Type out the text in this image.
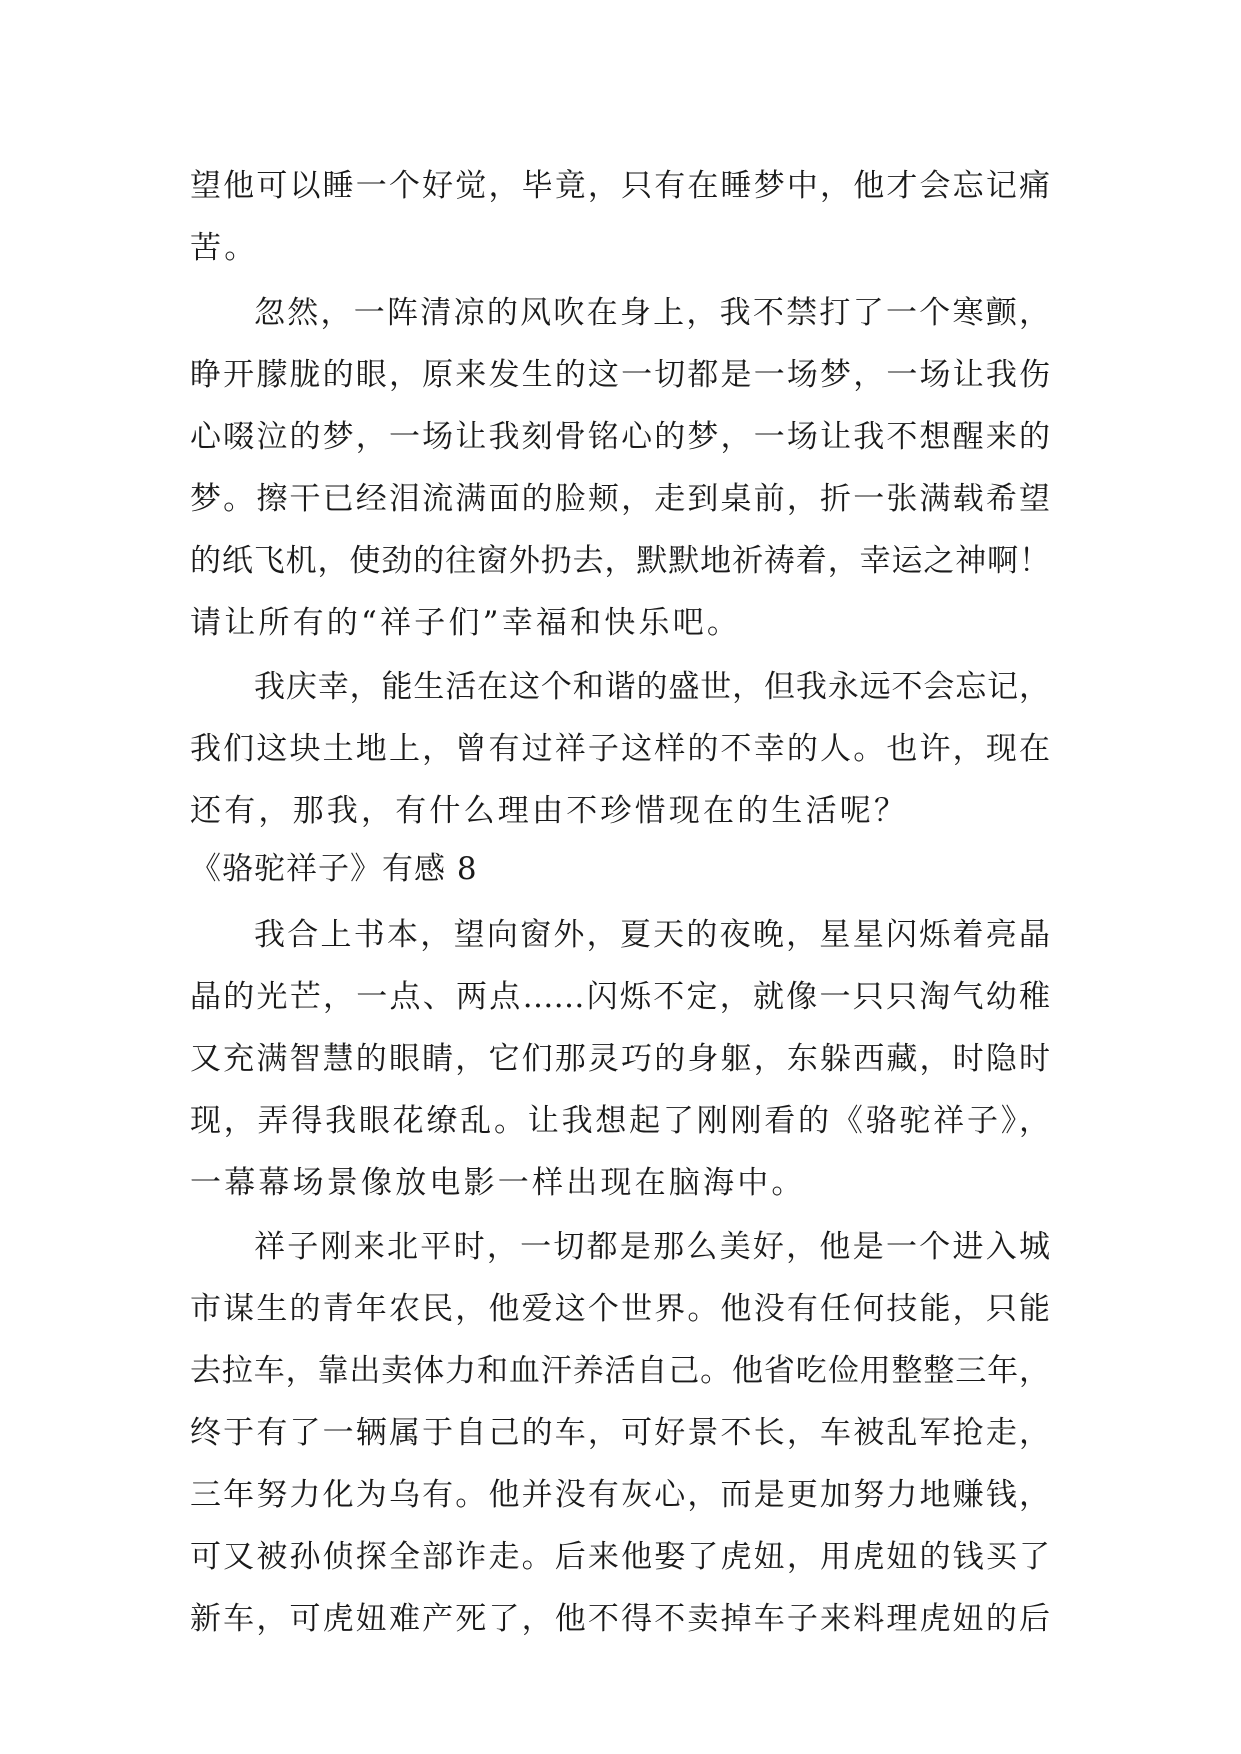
望他可以睡一个好觉，毕竟，只有在睡梦中，他才会忘记痛
苦。
忽然，一阵清凉的风吹在身上，我不禁打了一个寒颤，
睁开朦胧的眼，原来发生的这一切都是一场梦，一场让我伤
心啜泣的梦，一场让我刻骨铭心的梦，一场让我不想醒来的
梦。擦干已经泪流满面的脸颊，走到桌前，折一张满载希望
的纸飞机，使劲的往窗外扔去，默默地祈祷着，幸运之神啊！
请让所有的“祥子们”幸福和快乐吧。
我庆幸，能生活在这个和谐的盛世，但我永远不会忘记，
我们这块土地上，曾有过祥子这样的不幸的人。也许，现在
还有，那我，有什么理由不珍惜现在的生活呢？
《骆驼祥子》有感 8
我合上书本，望向窗外，夏天的夜晚，星星闪烁着亮晶
晶的光芒，一点、两点……闪烁不定，就像一只只淘气幼稚
又充满智慧的眼睛，它们那灵巧的身躯，东躲西藏，时隐时
现，弄得我眼花缭乱。让我想起了刚刚看的《骆驼祥子》，
一幕幕场景像放电影一样出现在脑海中。
祥子刚来北平时，一切都是那么美好，他是一个进入城
市谋生的青年农民，他爱这个世界。他没有任何技能，只能
去拉车，靠出卖体力和血汗养活自己。他省吃俭用整整三年，
终于有了一辆属于自己的车，可好景不长，车被乱军抢走，
三年努力化为乌有。他并没有灰心，而是更加努力地赚钱，
可又被孙侦探全部诈走。后来他娶了虎妞，用虎妞的钱买了
新车，可虎妞难产死了，他不得不卖掉车子来料理虎妞的后
